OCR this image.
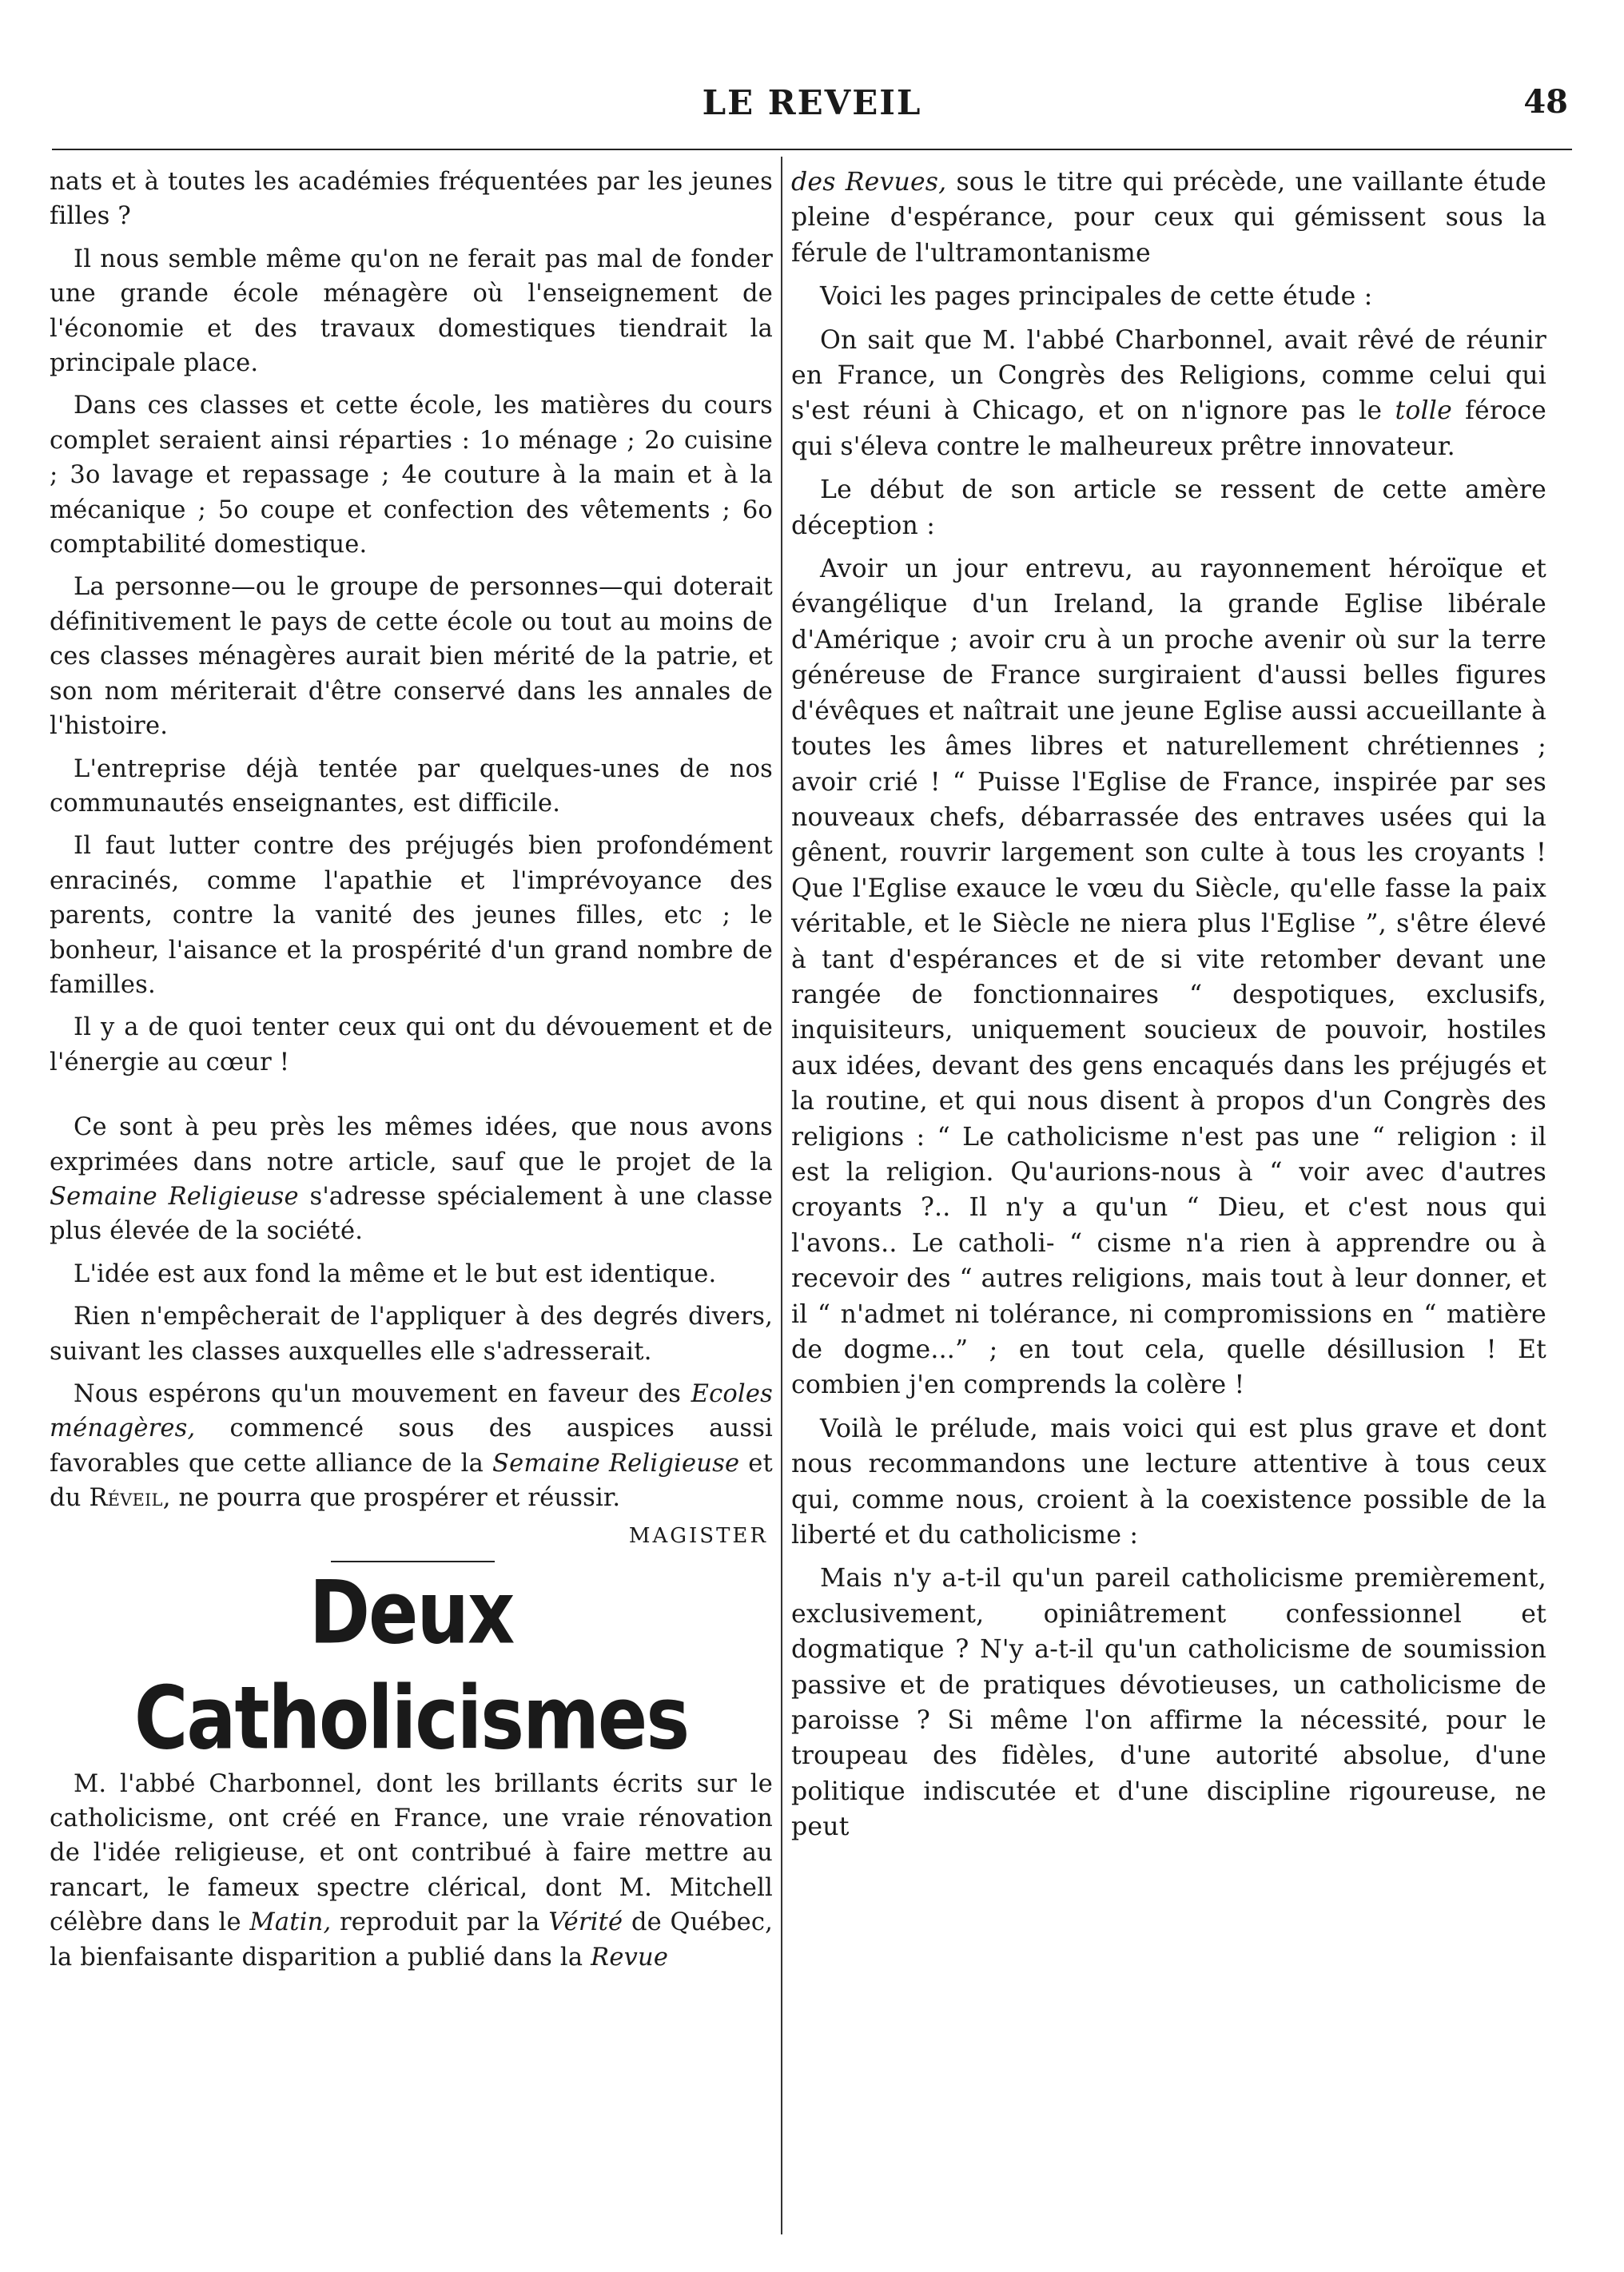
LE REVEIL	48

nats et à toutes les académies fréquentées par les jeunes filles ?

Il nous semble même qu'on ne ferait pas mal de fonder une grande école ménagère où l'enseignement de l'économie et des travaux domestiques tiendrait la principale place.

Dans ces classes et cette école, les matières du cours complet seraient ainsi réparties : 1o ménage ; 2o cuisine ; 3o lavage et repassage ; 4e couture à la main et à la mécanique ; 5o coupe et confection des vêtements ; 6o comptabilité domestique.

La personne—ou le groupe de personnes—qui doterait définitivement le pays de cette école ou tout au moins de ces classes ménagères aurait bien mérité de la patrie, et son nom mériterait d'être conservé dans les annales de l'histoire.

L'entreprise déjà tentée par quelques-unes de nos communautés enseignantes, est difficile.

Il faut lutter contre des préjugés bien profondément enracinés, comme l'apathie et l'imprévoyance des parents, contre la vanité des jeunes filles, etc ; le bonheur, l'aisance et la prospérité d'un grand nombre de familles.

Il y a de quoi tenter ceux qui ont du dévouement et de l'énergie au cœur !

Ce sont à peu près les mêmes idées, que nous avons exprimées dans notre article, sauf que le projet de la Semaine Religieuse s'adresse spécialement à une classe plus élevée de la société.

L'idée est aux fond la même et le but est identique.

Rien n'empêcherait de l'appliquer à des degrés divers, suivant les classes auxquelles elle s'adresserait.

Nous espérons qu'un mouvement en faveur des Ecoles ménagères, commencé sous des auspices aussi favorables que cette alliance de la Semaine Religieuse et du Réveil, ne pourra que prospérer et réussir.

MAGISTER
Deux Catholicismes

M. l'abbé Charbonnel, dont les brillants écrits sur le catholicisme, ont créé en France, une vraie rénovation de l'idée religieuse, et ont contribué à faire mettre au rancart, le fameux spectre clérical, dont M. Mitchell célèbre dans le Matin, reproduit par la Vérité de Québec, la bienfaisante disparition a publié dans la Revue

des Revues, sous le titre qui précède, une vaillante étude pleine d'espérance, pour ceux qui gémissent sous la férule de l'ultramontanisme

Voici les pages principales de cette étude :

On sait que M. l'abbé Charbonnel, avait rêvé de réunir en France, un Congrès des Religions, comme celui qui s'est réuni à Chicago, et on n'ignore pas le tolle féroce qui s'éleva contre le malheureux prêtre innovateur.

Le début de son article se ressent de cette amère déception :

Avoir un jour entrevu, au rayonnement héroïque et évangélique d'un Ireland, la grande Eglise libérale d'Amérique ; avoir cru à un proche avenir où sur la terre généreuse de France surgiraient d'aussi belles figures d'évêques et naîtrait une jeune Eglise aussi accueillante à toutes les âmes libres et naturellement chrétiennes ; avoir crié ! “ Puisse l'Eglise de France, inspirée par ses nouveaux chefs, débarrassée des entraves usées qui la gênent, rouvrir largement son culte à tous les croyants ! Que l'Eglise exauce le vœu du Siècle, qu'elle fasse la paix véritable, et le Siècle ne niera plus l'Eglise ”, s'être élevé à tant d'espérances et de si vite retomber devant une rangée de fonctionnaires “ despotiques, exclusifs, inquisiteurs, uniquement soucieux de pouvoir, hostiles aux idées, devant des gens encaqués dans les préjugés et la routine, et qui nous disent à propos d'un Congrès des religions : “ Le catholicisme n'est pas une “ religion : il est la religion. Qu'aurions-nous à “ voir avec d'autres croyants ?.. Il n'y a qu'un “ Dieu, et c'est nous qui l'avons.. Le catholi- “ cisme n'a rien à apprendre ou à recevoir des “ autres religions, mais tout à leur donner, et il “ n'admet ni tolérance, ni compromissions en “ matière de dogme...” ; en tout cela, quelle désillusion ! Et combien j'en comprends la colère !

Voilà le prélude, mais voici qui est plus grave et dont nous recommandons une lecture attentive à tous ceux qui, comme nous, croient à la coexistence possible de la liberté et du catholicisme :

Mais n'y a-t-il qu'un pareil catholicisme premièrement, exclusivement, opiniâtrement confessionnel et dogmatique ? N'y a-t-il qu'un catholicisme de soumission passive et de pratiques dévotieuses, un catholicisme de paroisse ? Si même l'on affirme la nécessité, pour le troupeau des fidèles, d'une autorité absolue, d'une politique indiscutée et d'une discipline rigoureuse, ne peut
